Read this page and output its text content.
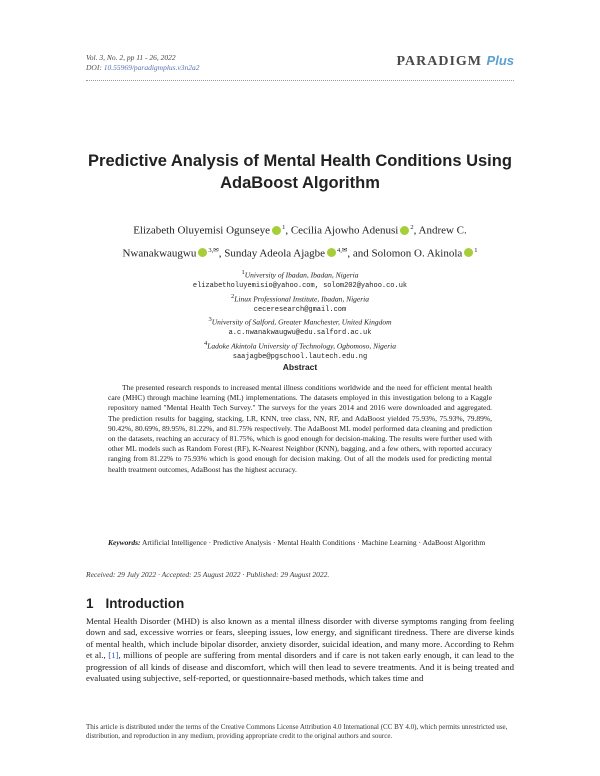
Vol. 3, No. 2, pp 11 - 26, 2022
DOI: 10.55969/paradigmplus.v3n2a2	PARADIGM Plus
Predictive Analysis of Mental Health Conditions Using
AdaBoost Algorithm
Elizabeth Oluyemisi Ogunseye $^1$, Cecilia Ajowho Adenusi $^2$, Andrew C.
Nwanakwaugwu $^{3,✉}$, Sunday Adeola Ajagbe $^{4,✉}$, and Solomon O. Akinola $^1$
$^1$University of Ibadan, Ibadan, Nigeria
elizabetholuyemisio@yahoo.com, solom202@yahoo.co.uk
$^2$Linux Professional Institute, Ibadan, Nigeria
ceceresearch@gmail.com
$^3$University of Salford, Greater Manchester, United Kingdom
a.c.nwanakwaugwu@edu.salford.ac.uk
$^4$Ladoke Akintola University of Technology, Ogbomoso, Nigeria
saajagbe@pgschool.lautech.edu.ng
Abstract
The presented research responds to increased mental illness conditions worldwide and the need for efficient mental health care (MHC) through machine learning (ML) implementations. The datasets employed in this investigation belong to a Kaggle repository named "Mental Health Tech Survey." The surveys for the years 2014 and 2016 were downloaded and aggregated. The prediction results for bagging, stacking, LR, KNN, tree class, NN, RF, and AdaBoost yielded 75.93%, 75.93%, 79.89%, 90.42%, 80.69%, 89.95%, 81.22%, and 81.75% respectively. The AdaBoost ML model performed data cleaning and prediction on the datasets, reaching an accuracy of 81.75%, which is good enough for decision-making. The results were further used with other ML models such as Random Forest (RF), K-Nearest Neighbor (KNN), bagging, and a few others, with reported accuracy ranging from 81.22% to 75.93% which is good enough for decision making. Out of all the models used for predicting mental health treatment outcomes, AdaBoost has the highest accuracy.
Keywords: Artificial Intelligence · Predictive Analysis · Mental Health Conditions · Machine Learning · AdaBoost Algorithm
Received: 29 July 2022 · Accepted: 25 August 2022 · Published: 29 August 2022.
1 Introduction
Mental Health Disorder (MHD) is also known as a mental illness disorder with diverse symptoms ranging from feeling down and sad, excessive worries or fears, sleeping issues, low energy, and significant tiredness. There are diverse kinds of mental health, which include bipolar disorder, anxiety disorder, suicidal ideation, and many more. According to Rehm et al., [1], millions of people are suffering from mental disorders and if care is not taken early enough, it can lead to the progression of all kinds of disease and discomfort, which will then lead to severe treatments. And it is being treated and evaluated using subjective, self-reported, or questionnaire-based methods, which takes time and
This article is distributed under the terms of the Creative Commons License Attribution 4.0 International (CC BY 4.0), which permits unrestricted use, distribution, and reproduction in any medium, providing appropriate credit to the original authors and source.
